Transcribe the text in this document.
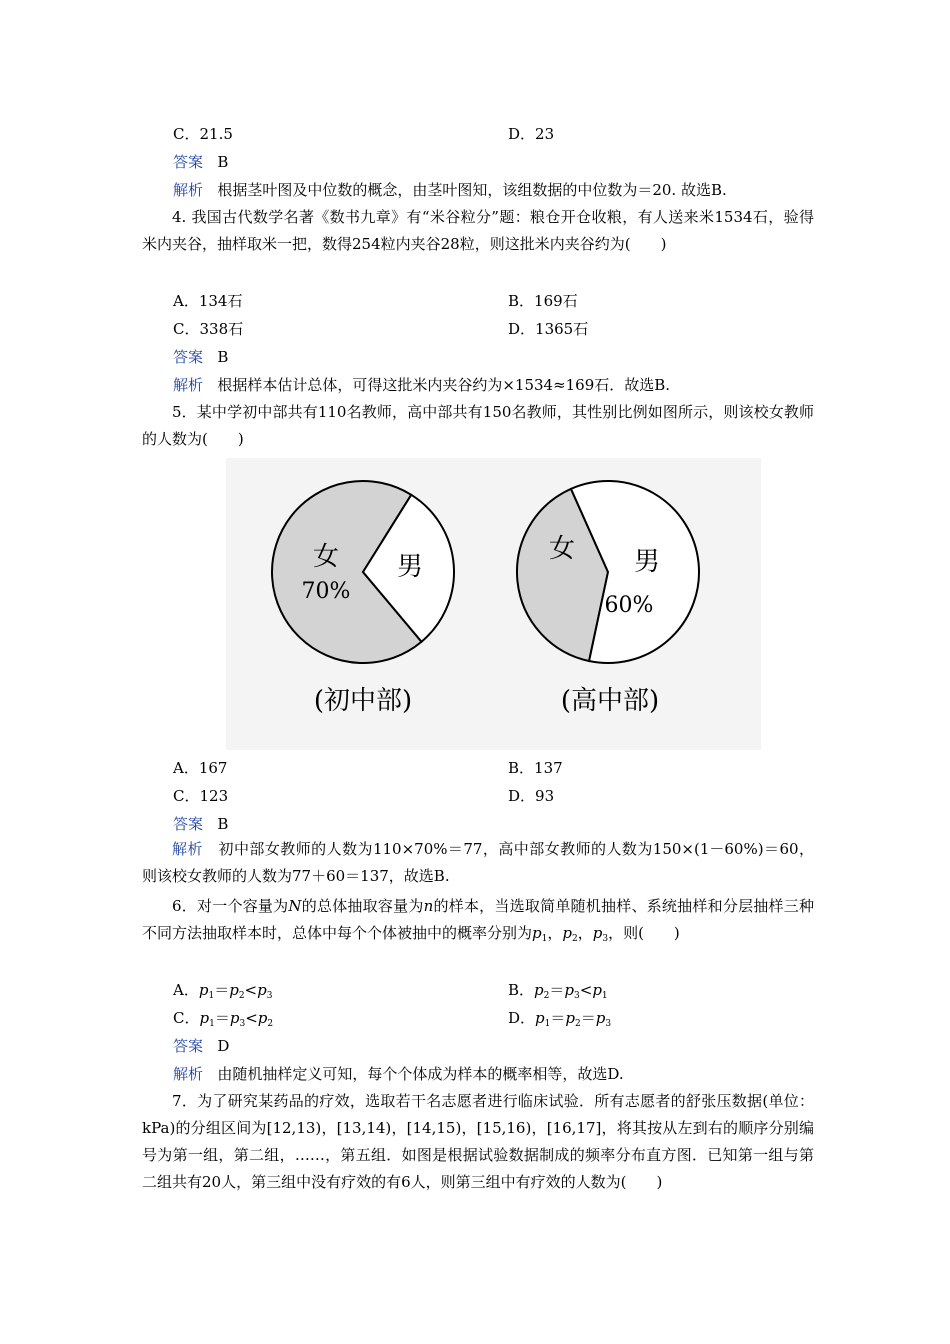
C．21.5	D．23
答案 B
解析 根据茎叶图及中位数的概念，由茎叶图知，该组数据的中位数为＝20. 故选B.
4. 我国古代数学名著《数书九章》有“米谷粒分”题：粮仓开仓收粮，有人送来米1534石，验得米内夹谷，抽样取米一把，数得254粒内夹谷28粒，则这批米内夹谷约为(　　)
A．134石	B．169石
C．338石	D．1365石
答案 B
解析 根据样本估计总体，可得这批米内夹谷约为×1534≈169石．故选B.
5．某中学初中部共有110名教师，高中部共有150名教师，其性别比例如图所示，则该校女教师的人数为(　　)
女
70%
男
(初中部)
女 男
60%
(高中部)
A．167	B．137
C．123	D．93
答案 B
解析 初中部女教师的人数为110×70%＝77，高中部女教师的人数为150×(1－60%)＝60，则该校女教师的人数为77＋60＝137，故选B.
6．对一个容量为N的总体抽取容量为n的样本，当选取简单随机抽样、系统抽样和分层抽样三种不同方法抽取样本时，总体中每个个体被抽中的概率分别为$p_1$，$p_2$，$p_3$，则(　　)
A．$p_1=p_2<p_3$	B．$p_2=p_3<p_1$
C．$p_1=p_3<p_2$	D．$p_1=p_2=p_3$
答案 D
解析 由随机抽样定义可知，每个个体成为样本的概率相等，故选D.
7．为了研究某药品的疗效，选取若干名志愿者进行临床试验．所有志愿者的舒张压数据(单位：kPa)的分组区间为[12,13)，[13,14)，[14,15)，[15,16)，[16,17]，将其按从左到右的顺序分别编号为第一组，第二组，……，第五组．如图是根据试验数据制成的频率分布直方图．已知第一组与第二组共有20人，第三组中没有疗效的有6人，则第三组中有疗效的人数为(　　)
